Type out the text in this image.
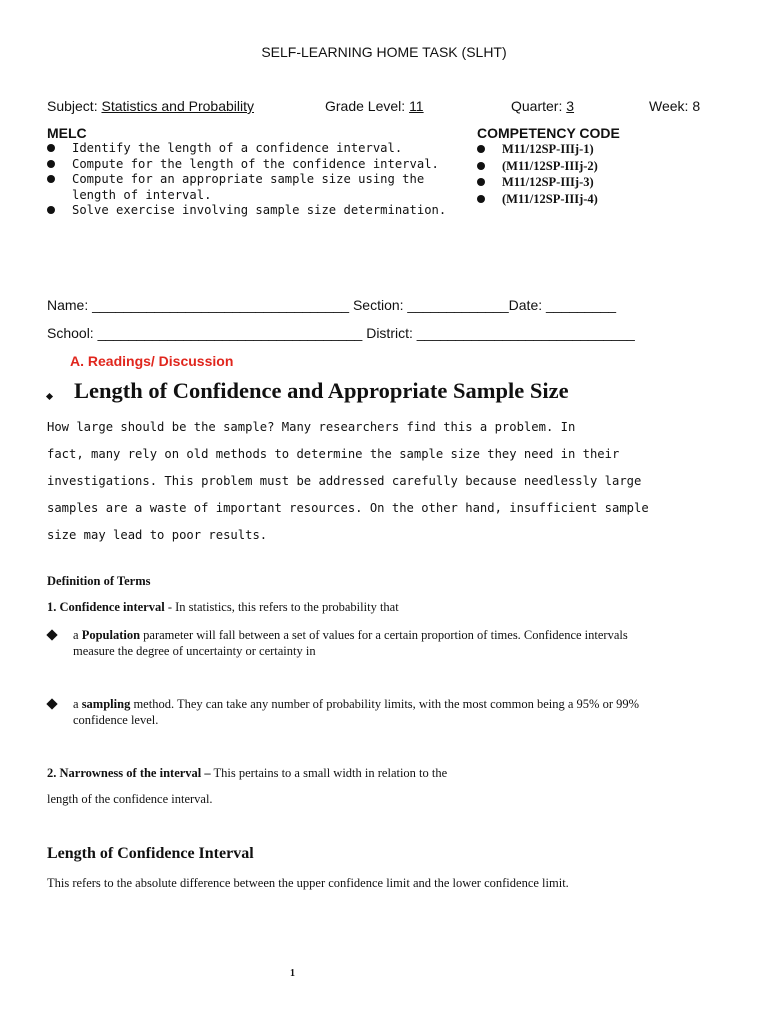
SELF-LEARNING HOME TASK (SLHT)
Subject: Statistics and Probability	Grade Level: 11	Quarter: 3	Week: 8
MELC
Identify the length of a confidence interval.
Compute for the length of the confidence interval.
Compute for an appropriate sample size using the
length of interval.
Solve exercise involving sample size determination.
COMPETENCY CODE
M11/12SP-IIIj-1)
(M11/12SP-IIIj-2)
M11/12SP-IIIj-3)
(M11/12SP-IIIj-4)
Name: _________________________________ Section: _____________Date: _________
School: __________________________________ District: ____________________________
A. Readings/ Discussion
Length of Confidence and Appropriate Sample Size
How large should be the sample? Many researchers find this a problem. In
fact, many rely on old methods to determine the sample size they need in their
investigations. This problem must be addressed carefully because needlessly large
samples are a waste of important resources. On the other hand, insufficient sample
size may lead to poor results.
Definition of Terms
1. Confidence interval - In statistics, this refers to the probability that
a Population parameter will fall between a set of values for a certain proportion of times. Confidence intervals
measure the degree of uncertainty or certainty in
a sampling method. They can take any number of probability limits, with the most common being a 95% or 99%
confidence level.
2. Narrowness of the interval – This pertains to a small width in relation to the
length of the confidence interval.
Length of Confidence Interval
This refers to the absolute difference between the upper confidence limit and the lower confidence limit.
1
